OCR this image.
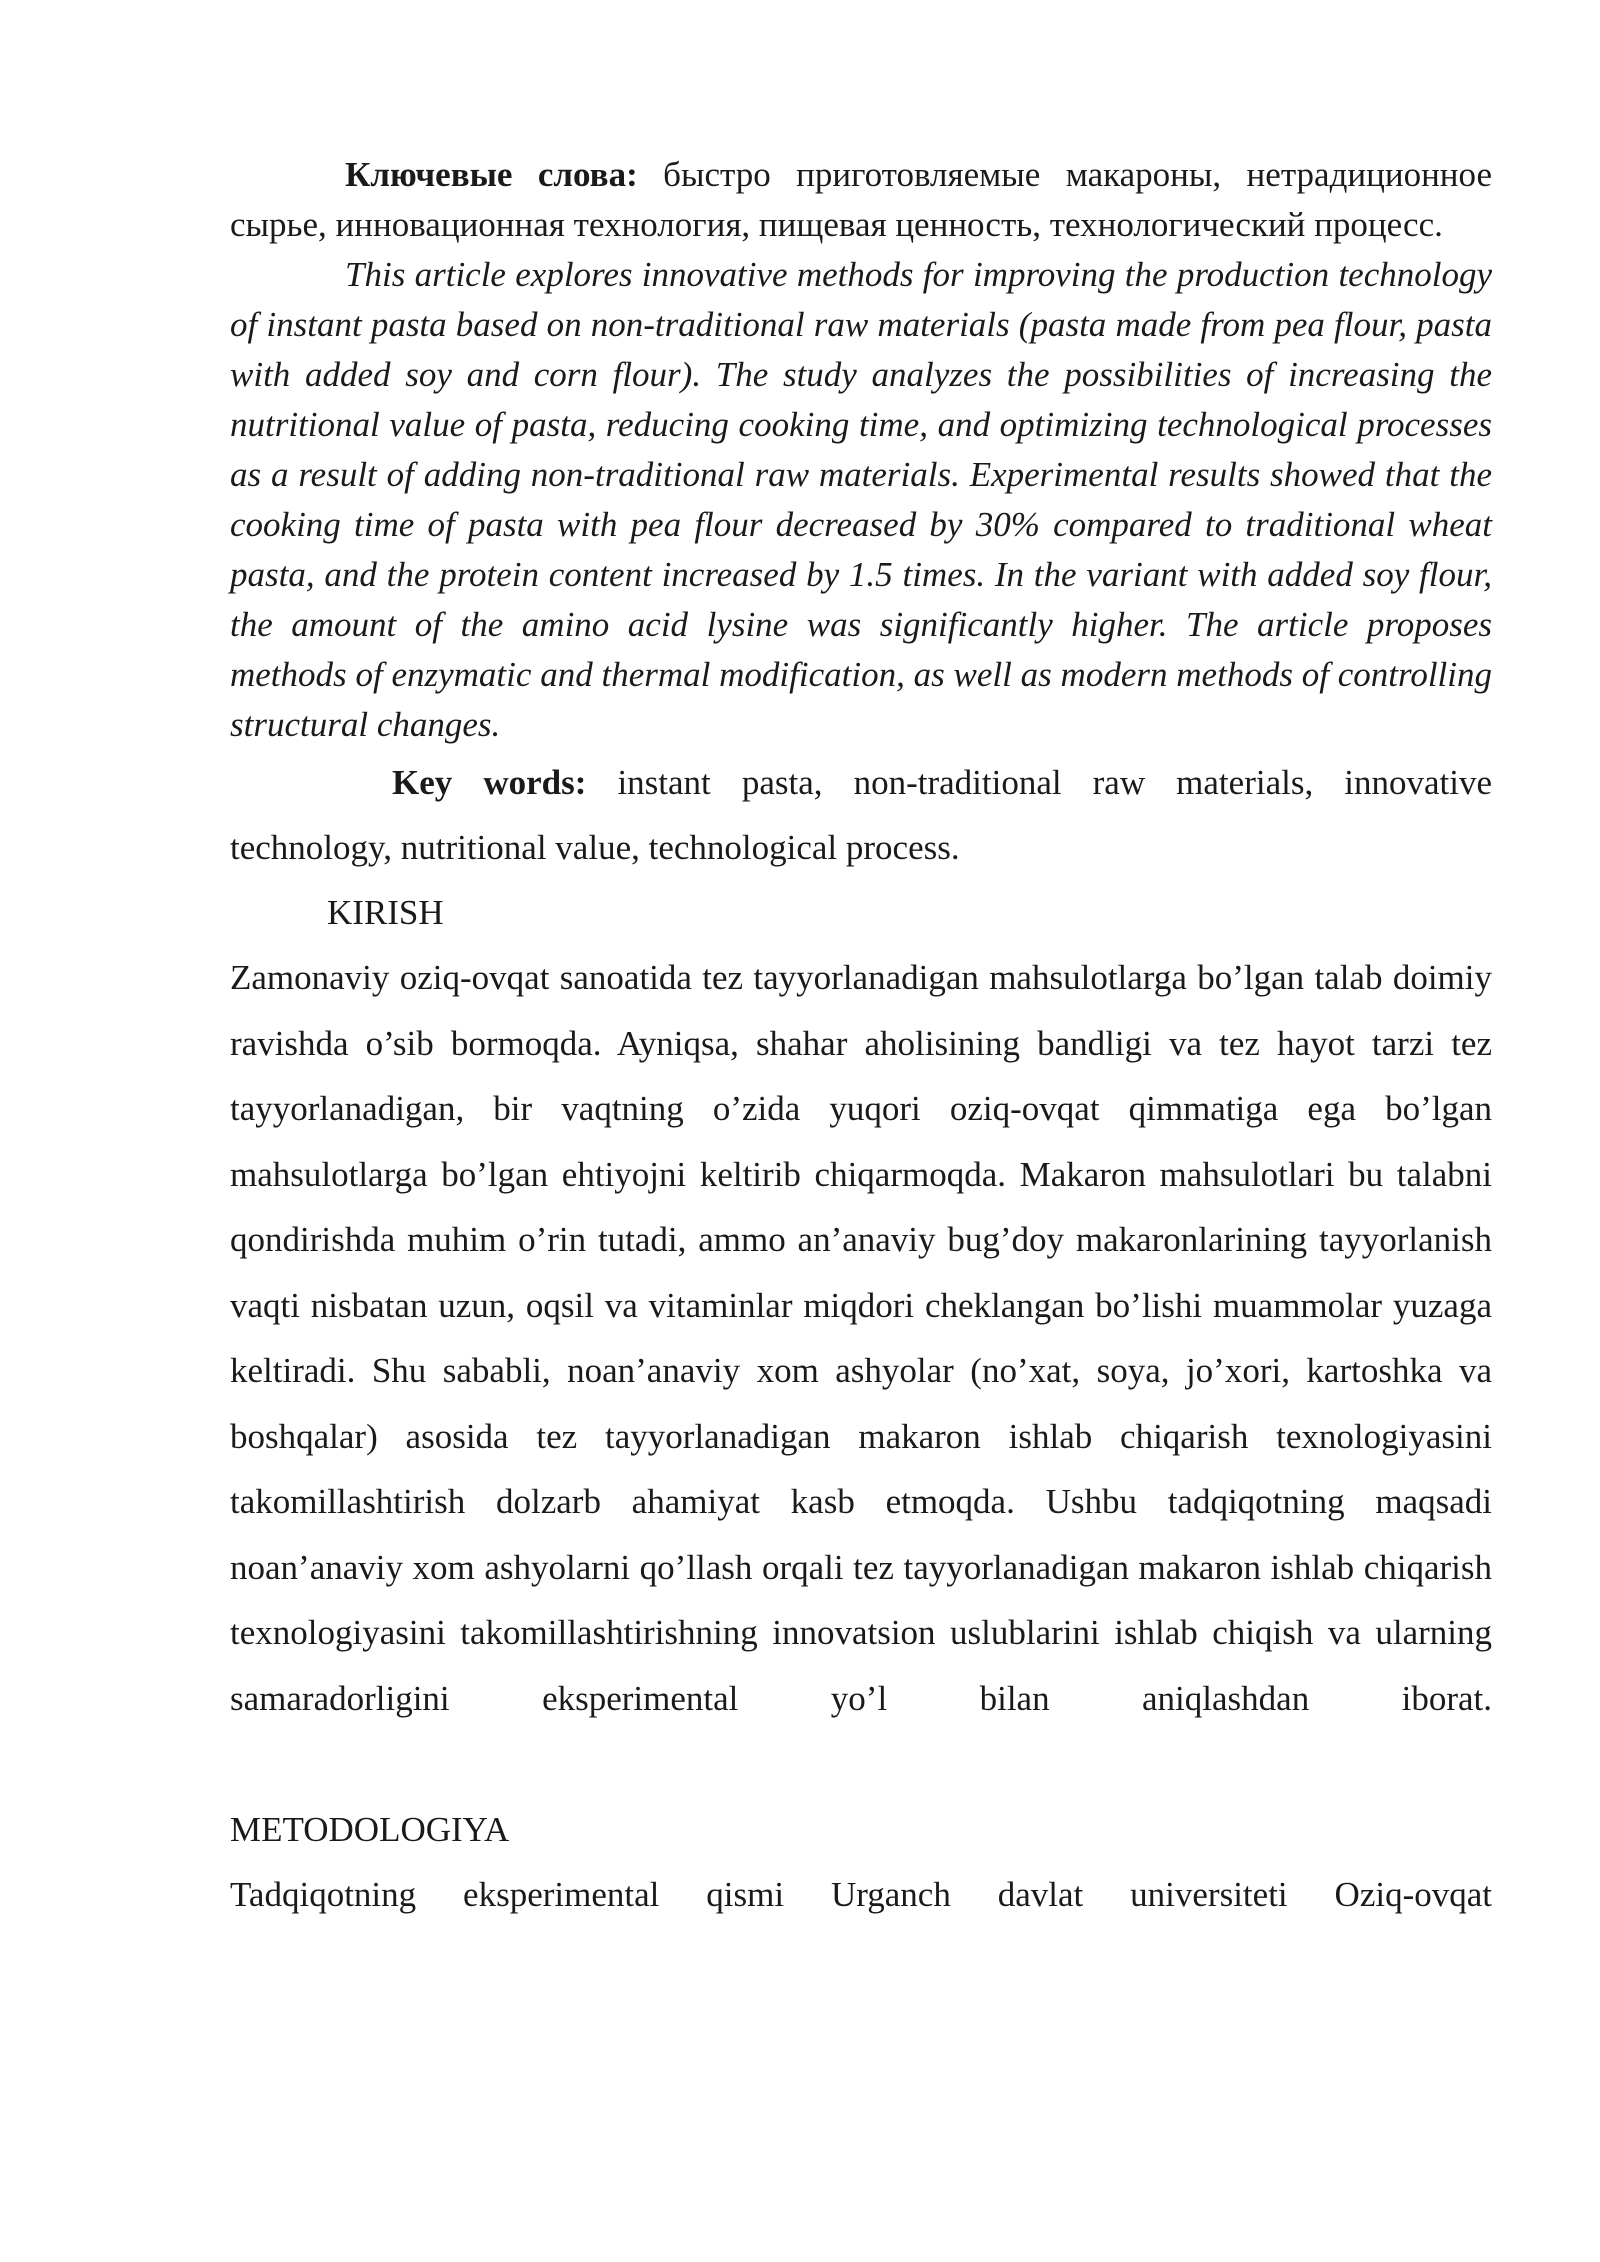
Ключевые слова: быстро приготовляемые макароны, нетрадиционное сырье, инновационная технология, пищевая ценность, технологический процесс.

This article explores innovative methods for improving the production technology of instant pasta based on non-traditional raw materials (pasta made from pea flour, pasta with added soy and corn flour). The study analyzes the possibilities of increasing the nutritional value of pasta, reducing cooking time, and optimizing technological processes as a result of adding non-traditional raw materials. Experimental results showed that the cooking time of pasta with pea flour decreased by 30% compared to traditional wheat pasta, and the protein content increased by 1.5 times. In the variant with added soy flour, the amount of the amino acid lysine was significantly higher. The article proposes methods of enzymatic and thermal modification, as well as modern methods of controlling structural changes.

Key words: instant pasta, non-traditional raw materials, innovative technology, nutritional value, technological process.

KIRISH

Zamonaviy oziq-ovqat sanoatida tez tayyorlanadigan mahsulotlarga bo’lgan talab doimiy ravishda o’sib bormoqda. Ayniqsa, shahar aholisining bandligi va tez hayot tarzi tez tayyorlanadigan, bir vaqtning o’zida yuqori oziq-ovqat qimmatiga ega bo’lgan mahsulotlarga bo’lgan ehtiyojni keltirib chiqarmoqda. Makaron mahsulotlari bu talabni qondirishda muhim o’rin tutadi, ammo an’anaviy bug’doy makaronlarining tayyorlanish vaqti nisbatan uzun, oqsil va vitaminlar miqdori cheklangan bo’lishi muammolar yuzaga keltiradi. Shu sababli, noan’anaviy xom ashyolar (no’xat, soya, jo’xori, kartoshka va boshqalar) asosida tez tayyorlanadigan makaron ishlab chiqarish texnologiyasini takomillashtirish dolzarb ahamiyat kasb etmoqda. Ushbu tadqiqotning maqsadi noan’anaviy xom ashyolarni qo’llash orqali tez tayyorlanadigan makaron ishlab chiqarish texnologiyasini takomillashtirishning innovatsion uslublarini ishlab chiqish va ularning samaradorligini eksperimental yo’l bilan aniqlashdan iborat.

METODOLOGIYA

Tadqiqotning eksperimental qismi Urganch davlat universiteti Oziq-ovqat
